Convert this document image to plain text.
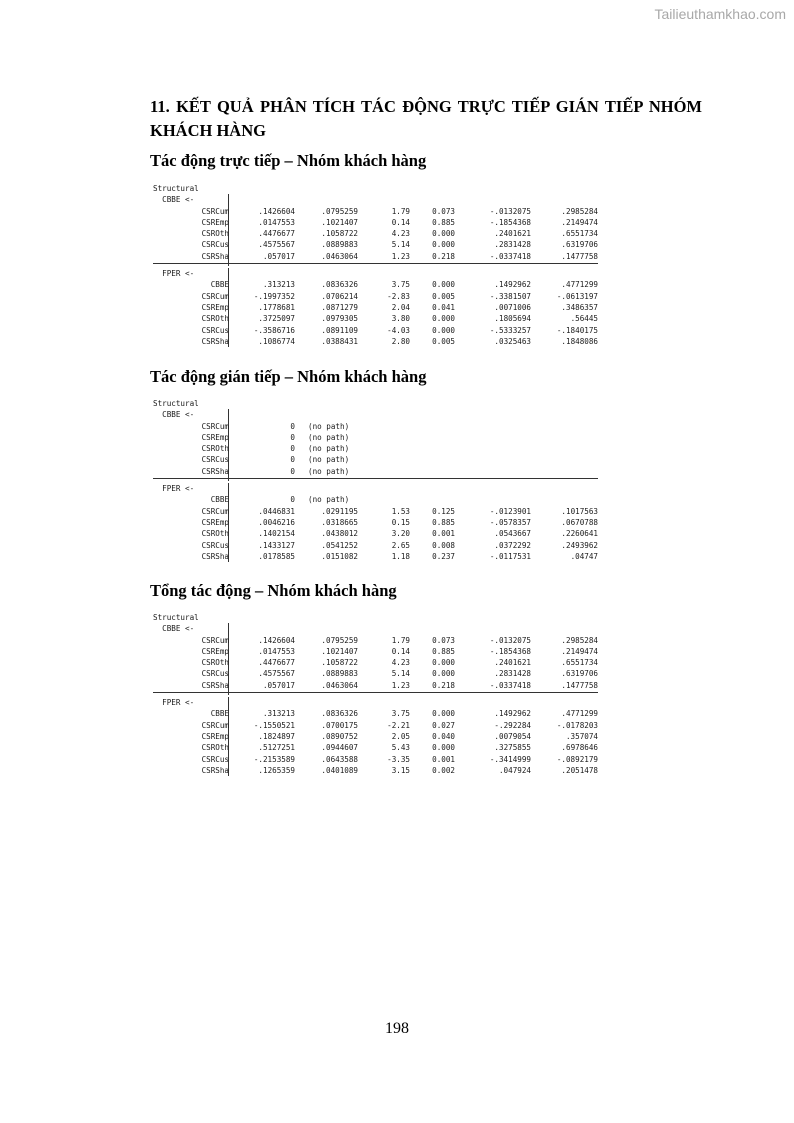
Tailieuthamkhao.com
11. KẾT QUẢ PHÂN TÍCH TÁC ĐỘNG TRỰC TIẾP GIÁN TIẾP NHÓM KHÁCH HÀNG
Tác động trực tiếp – Nhóm khách hàng
Structural
CBBE <-
CSRCum	.1426604	.0795259	1.79	0.073	-.0132075	.2985284
CSREmp	.0147553	.1021407	0.14	0.885	-.1854368	.2149474
CSROth	.4476677	.1058722	4.23	0.000	.2401621	.6551734
CSRCus	.4575567	.0889883	5.14	0.000	.2831428	.6319706
CSRSha	.057017	.0463064	1.23	0.218	-.0337418	.1477758
FPER <-
CBBE	.313213	.0836326	3.75	0.000	.1492962	.4771299
CSRCum	-.1997352	.0706214	-2.83	0.005	-.3381507	-.0613197
CSREmp	.1778681	.0871279	2.04	0.041	.0071006	.3486357
CSROth	.3725097	.0979305	3.80	0.000	.1805694	.56445
CSRCus	-.3586716	.0891109	-4.03	0.000	-.5333257	-.1840175
CSRSha	.1086774	.0388431	2.80	0.005	.0325463	.1848086
Tác động gián tiếp – Nhóm khách hàng
Structural
CBBE <-
CSRCum	0 (no path)
CSREmp	0 (no path)
CSROth	0 (no path)
CSRCus	0 (no path)
CSRSha	0 (no path)
FPER <-
CBBE	0 (no path)
CSRCum	.0446831	.0291195	1.53	0.125	-.0123901	.1017563
CSREmp	.0046216	.0318665	0.15	0.885	-.0578357	.0670788
CSROth	.1402154	.0438012	3.20	0.001	.0543667	.2260641
CSRCus	.1433127	.0541252	2.65	0.008	.0372292	.2493962
CSRSha	.0178585	.0151082	1.18	0.237	-.0117531	.04747
Tổng tác động – Nhóm khách hàng
Structural
CBBE <-
CSRCum	.1426604	.0795259	1.79	0.073	-.0132075	.2985284
CSREmp	.0147553	.1021407	0.14	0.885	-.1854368	.2149474
CSROth	.4476677	.1058722	4.23	0.000	.2401621	.6551734
CSRCus	.4575567	.0889883	5.14	0.000	.2831428	.6319706
CSRSha	.057017	.0463064	1.23	0.218	-.0337418	.1477758
FPER <-
CBBE	.313213	.0836326	3.75	0.000	.1492962	.4771299
CSRCum	-.1550521	.0700175	-2.21	0.027	-.292284	-.0178203
CSREmp	.1824897	.0890752	2.05	0.040	.0079054	.357074
CSROth	.5127251	.0944607	5.43	0.000	.3275855	.6978646
CSRCus	-.2153589	.0643588	-3.35	0.001	-.3414999	-.0892179
CSRSha	.1265359	.0401089	3.15	0.002	.047924	.2051478
198
